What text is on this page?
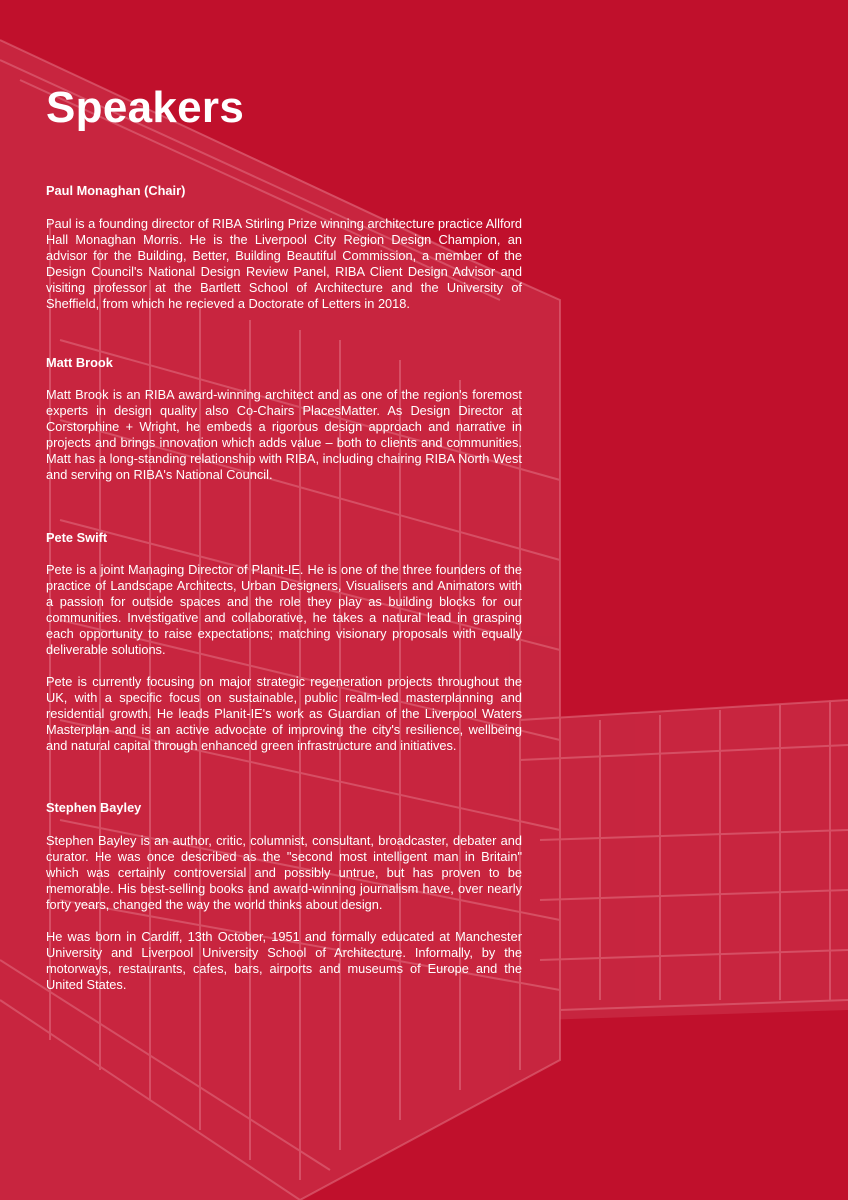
Speakers

Paul Monaghan (Chair)

Paul is a founding director of RIBA Stirling Prize winning architecture practice Allford Hall Monaghan Morris. He is the Liverpool City Region Design Champion, an advisor for the Building, Better, Building Beautiful Commission, a member of the Design Council's National Design Review Panel, RIBA Client Design Advisor and visiting professor at the Bartlett School of Architecture and the University of Sheffield, from which he recieved a Doctorate of Letters in 2018.

Matt Brook

Matt Brook is an RIBA award-winning architect and as one of the region's foremost experts in design quality also Co-Chairs PlacesMatter. As Design Director at Corstorphine + Wright, he embeds a rigorous design approach and narrative in projects and brings innovation which adds value – both to clients and communities. Matt has a long-standing relationship with RIBA, including chairing RIBA North West and serving on RIBA's National Council.

Pete Swift

Pete is a joint Managing Director of Planit-IE. He is one of the three founders of the practice of Landscape Architects, Urban Designers, Visualisers and Animators with a passion for outside spaces and the role they play as building blocks for our communities. Investigative and collaborative, he takes a natural lead in grasping each opportunity to raise expectations; matching visionary proposals with equally deliverable solutions.

Pete is currently focusing on major strategic regeneration projects throughout the UK, with a specific focus on sustainable, public realm-led masterplanning and residential growth. He leads Planit-IE's work as Guardian of the Liverpool Waters Masterplan and is an active advocate of improving the city's resilience, wellbeing and natural capital through enhanced green infrastructure and initiatives.

Stephen Bayley

Stephen Bayley is an author, critic, columnist, consultant, broadcaster, debater and curator. He was once described as the "second most intelligent man in Britain" which was certainly controversial and possibly untrue, but has proven to be memorable. His best-selling books and award-winning journalism have, over nearly forty years, changed the way the world thinks about design.

He was born in Cardiff, 13th October, 1951 and formally educated at Manchester University and Liverpool University School of Architecture. Informally, by the motorways, restaurants, cafes, bars, airports and museums of Europe and the United States.
